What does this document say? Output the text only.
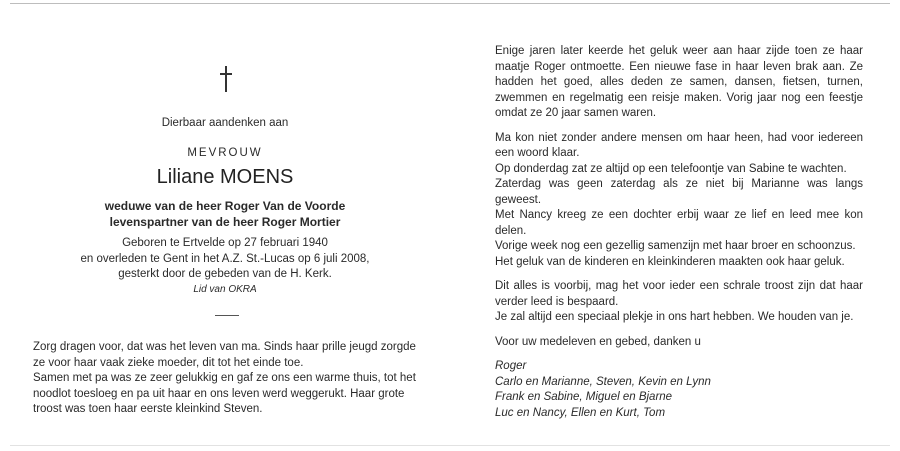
Dierbaar aandenken aan
MEVROUW
Liliane MOENS
weduwe van de heer Roger Van de Voorde
levenspartner van de heer Roger Mortier
Geboren te Ertvelde op 27 februari 1940
en overleden te Gent in het A.Z. St.-Lucas op 6 juli 2008,
gesterkt door de gebeden van de H. Kerk.
Lid van OKRA
Zorg dragen voor, dat was het leven van ma. Sinds haar prille jeugd zorgde ze voor haar vaak zieke moeder, dit tot het einde toe.
Samen met pa was ze zeer gelukkig en gaf ze ons een warme thuis, tot het noodlot toesloeg en pa uit haar en ons leven werd weggerukt. Haar grote troost was toen haar eerste kleinkind Steven.
Enige jaren later keerde het geluk weer aan haar zijde toen ze haar maatje Roger ontmoette. Een nieuwe fase in haar leven brak aan. Ze hadden het goed, alles deden ze samen, dansen, fietsen, turnen, zwemmen en regelmatig een reisje maken. Vorig jaar nog een feestje omdat ze 20 jaar samen waren.
Ma kon niet zonder andere mensen om haar heen, had voor iedereen een woord klaar.
Op donderdag zat ze altijd op een telefoontje van Sabine te wachten.
Zaterdag was geen zaterdag als ze niet bij Marianne was langs geweest.
Met Nancy kreeg ze een dochter erbij waar ze lief en leed mee kon delen.
Vorige week nog een gezellig samenzijn met haar broer en schoonzus.
Het geluk van de kinderen en kleinkinderen maakten ook haar geluk.
Dit alles is voorbij, mag het voor ieder een schrale troost zijn dat haar verder leed is bespaard.
Je zal altijd een speciaal plekje in ons hart hebben. We houden van je.
Voor uw medeleven en gebed, danken u
Roger
Carlo en Marianne, Steven, Kevin en Lynn
Frank en Sabine, Miguel en Bjarne
Luc en Nancy, Ellen en Kurt, Tom
